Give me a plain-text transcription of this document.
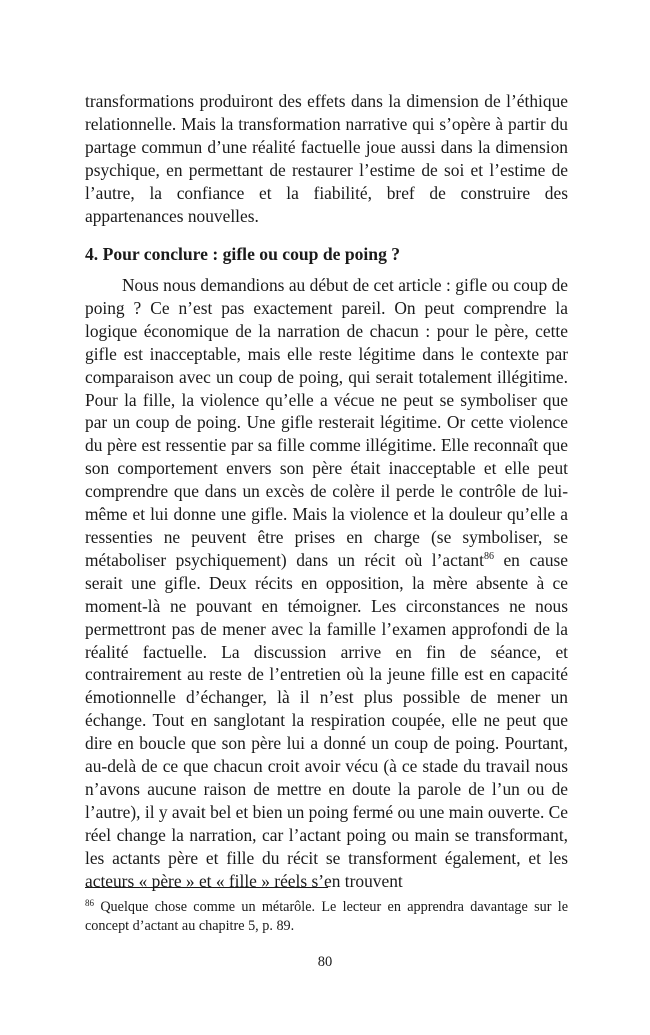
transformations produiront des effets dans la dimension de l’éthique relationnelle. Mais la transformation narrative qui s’opère à partir du partage commun d’une réalité factuelle joue aussi dans la dimension psychique, en permettant de restaurer l’estime de soi et l’estime de l’autre, la confiance et la fiabilité, bref de construire des appartenances nouvelles.

4. Pour conclure : gifle ou coup de poing ?

Nous nous demandions au début de cet article : gifle ou coup de poing ? Ce n’est pas exactement pareil. On peut comprendre la logique économique de la narration de chacun : pour le père, cette gifle est inacceptable, mais elle reste légitime dans le contexte par comparaison avec un coup de poing, qui serait totalement illégitime. Pour la fille, la violence qu’elle a vécue ne peut se symboliser que par un coup de poing. Une gifle resterait légitime. Or cette violence du père est ressentie par sa fille comme illégitime. Elle reconnaît que son comportement envers son père était inacceptable et elle peut comprendre que dans un excès de colère il perde le contrôle de lui-même et lui donne une gifle. Mais la violence et la douleur qu’elle a ressenties ne peuvent être prises en charge (se symboliser, se métaboliser psychiquement) dans un récit où l’actant$^{86}$ en cause serait une gifle. Deux récits en opposition, la mère absente à ce moment-là ne pouvant en témoigner. Les circonstances ne nous permettront pas de mener avec la famille l’examen approfondi de la réalité factuelle. La discussion arrive en fin de séance, et contrairement au reste de l’entretien où la jeune fille est en capacité émotionnelle d’échanger, là il n’est plus possible de mener un échange. Tout en sanglotant la respiration coupée, elle ne peut que dire en boucle que son père lui a donné un coup de poing. Pourtant, au-delà de ce que chacun croit avoir vécu (à ce stade du travail nous n’avons aucune raison de mettre en doute la parole de l’un ou de l’autre), il y avait bel et bien un poing fermé ou une main ouverte. Ce réel change la narration, car l’actant poing ou main se transformant, les actants père et fille du récit se transforment également, et les acteurs « père » et « fille » réels s’en trouvent

$^{86}$ Quelque chose comme un métarôle. Le lecteur en apprendra davantage sur le concept d’actant au chapitre 5, p. 89.
80
